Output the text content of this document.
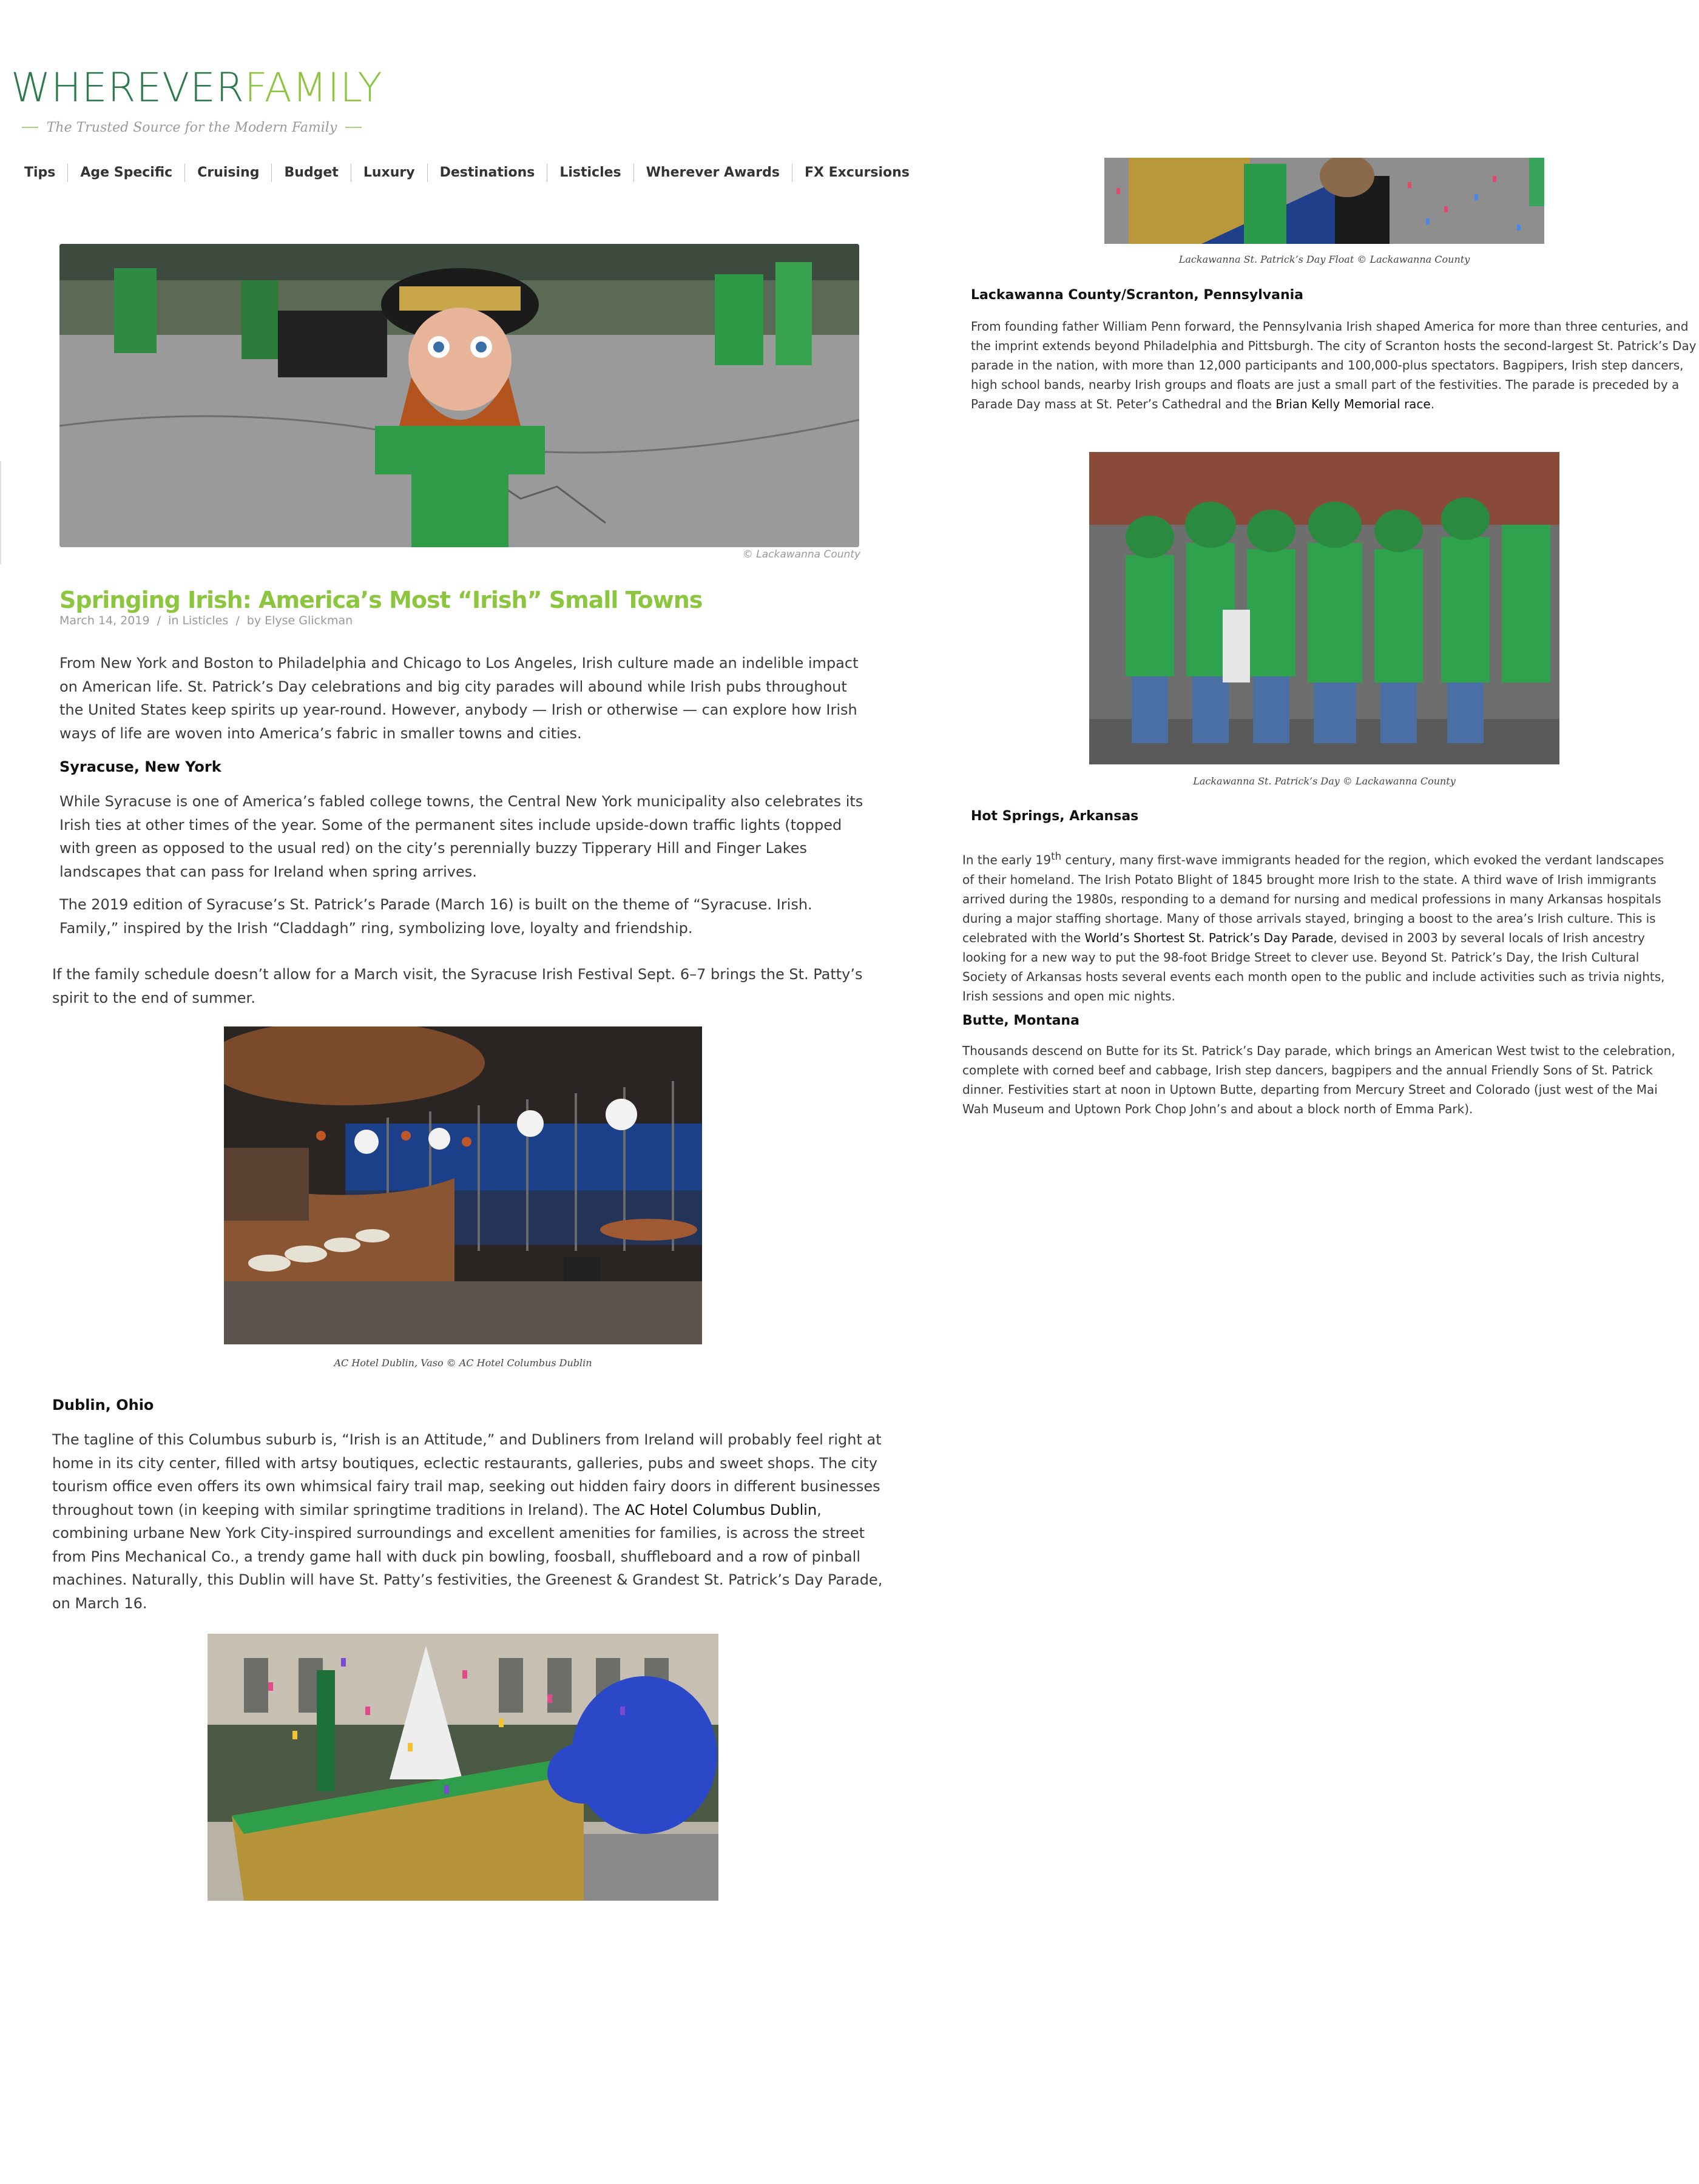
WHEREVERFAMILY
The Trusted Source for the Modern Family
Tips	Age Specific	Cruising	Budget	Luxury	Destinations	Listicles	Wherever Awards	FX Excursions
© Lackawanna County
Springing Irish: America’s Most “Irish” Small Towns
March 14, 2019 / in Listicles / by Elyse Glickman

From New York and Boston to Philadelphia and Chicago to Los Angeles, Irish culture made an indelible impact on American life. St. Patrick’s Day celebrations and big city parades will abound while Irish pubs throughout the United States keep spirits up year-round. However, anybody — Irish or otherwise — can explore how Irish ways of life are woven into America’s fabric in smaller towns and cities.

Syracuse, New York

While Syracuse is one of America’s fabled college towns, the Central New York municipality also celebrates its Irish ties at other times of the year. Some of the permanent sites include upside-down traffic lights (topped with green as opposed to the usual red) on the city’s perennially buzzy Tipperary Hill and Finger Lakes landscapes that can pass for Ireland when spring arrives.

The 2019 edition of Syracuse’s St. Patrick’s Parade (March 16) is built on the theme of “Syracuse. Irish. Family,” inspired by the Irish “Claddagh” ring, symbolizing love, loyalty and friendship.

If the family schedule doesn’t allow for a March visit, the Syracuse Irish Festival Sept. 6–7 brings the St. Patty’s spirit to the end of summer.

AC Hotel Dublin, Vaso © AC Hotel Columbus Dublin
Dublin, Ohio

The tagline of this Columbus suburb is, “Irish is an Attitude,” and Dubliners from Ireland will probably feel right at home in its city center, filled with artsy boutiques, eclectic restaurants, galleries, pubs and sweet shops. The city tourism office even offers its own whimsical fairy trail map, seeking out hidden fairy doors in different businesses throughout town (in keeping with similar springtime traditions in Ireland). The AC Hotel Columbus Dublin, combining urbane New York City-inspired surroundings and excellent amenities for families, is across the street from Pins Mechanical Co., a trendy game hall with duck pin bowling, foosball, shuffleboard and a row of pinball machines. Naturally, this Dublin will have St. Patty’s festivities, the Greenest & Grandest St. Patrick’s Day Parade, on March 16.

Lackawanna St. Patrick’s Day Float © Lackawanna County
Lackawanna County/Scranton, Pennsylvania

From founding father William Penn forward, the Pennsylvania Irish shaped America for more than three centuries, and the imprint extends beyond Philadelphia and Pittsburgh. The city of Scranton hosts the second-largest St. Patrick’s Day parade in the nation, with more than 12,000 participants and 100,000-plus spectators. Bagpipers, Irish step dancers, high school bands, nearby Irish groups and floats are just a small part of the festivities. The parade is preceded by a Parade Day mass at St. Peter’s Cathedral and the Brian Kelly Memorial race.

Lackawanna St. Patrick’s Day © Lackawanna County
Hot Springs, Arkansas

In the early 19th century, many first-wave immigrants headed for the region, which evoked the verdant landscapes of their homeland. The Irish Potato Blight of 1845 brought more Irish to the state. A third wave of Irish immigrants arrived during the 1980s, responding to a demand for nursing and medical professions in many Arkansas hospitals during a major staffing shortage. Many of those arrivals stayed, bringing a boost to the area’s Irish culture. This is celebrated with the World’s Shortest St. Patrick’s Day Parade, devised in 2003 by several locals of Irish ancestry looking for a new way to put the 98-foot Bridge Street to clever use. Beyond St. Patrick’s Day, the Irish Cultural Society of Arkansas hosts several events each month open to the public and include activities such as trivia nights, Irish sessions and open mic nights.

Butte, Montana

Thousands descend on Butte for its St. Patrick’s Day parade, which brings an American West twist to the celebration, complete with corned beef and cabbage, Irish step dancers, bagpipers and the annual Friendly Sons of St. Patrick dinner. Festivities start at noon in Uptown Butte, departing from Mercury Street and Colorado (just west of the Mai Wah Museum and Uptown Pork Chop John’s and about a block north of Emma Park).
